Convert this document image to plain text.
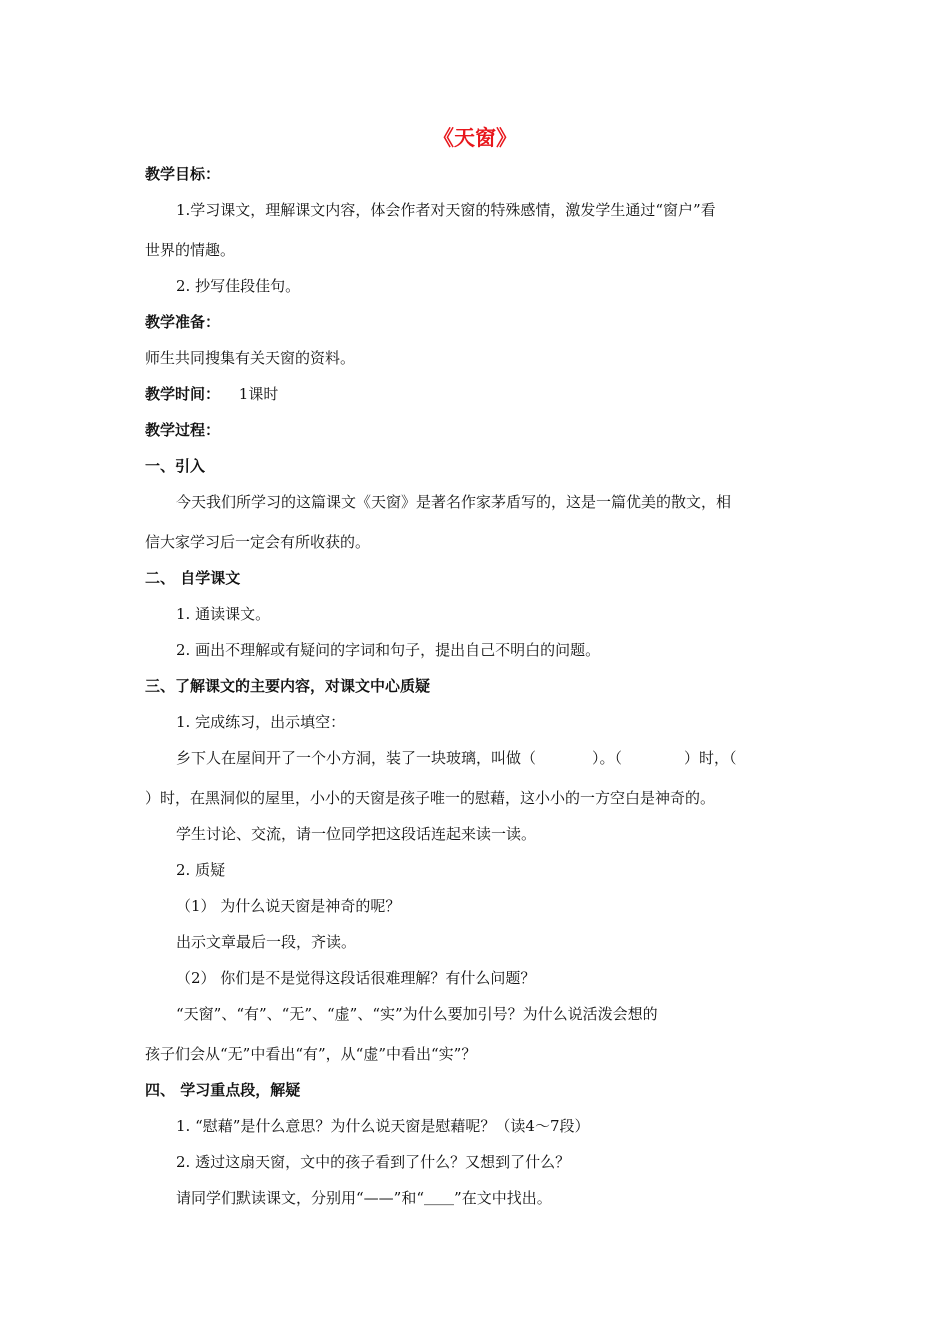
《天窗》
教学目标：
1.学习课文，理解课文内容，体会作者对天窗的特殊感情，激发学生通过“窗户”看
世界的情趣。
2. 抄写佳段佳句。
教学准备：
师生共同搜集有关天窗的资料。
教学时间： 1课时
教学过程：
一、引入
今天我们所学习的这篇课文《天窗》是著名作家茅盾写的，这是一篇优美的散文，相
信大家学习后一定会有所收获的。
二、 自学课文
1. 通读课文。
2. 画出不理解或有疑问的字词和句子，提出自己不明白的问题。
三、了解课文的主要内容，对课文中心质疑
1. 完成练习，出示填空：
乡下人在屋间开了一个小方洞，装了一块玻璃，叫做（	）。（	）时，（
）时，在黑洞似的屋里，小小的天窗是孩子唯一的慰藉，这小小的一方空白是神奇的。
学生讨论、交流，请一位同学把这段话连起来读一读。
2. 质疑
（1） 为什么说天窗是神奇的呢？
出示文章最后一段，齐读。
（2） 你们是不是觉得这段话很难理解？有什么问题？
“天窗”、“有”、“无”、“虚”、“实”为什么要加引号？为什么说活泼会想的
孩子们会从“无”中看出“有”，从“虚”中看出“实”？
四、 学习重点段，解疑
1. “慰藉”是什么意思？为什么说天窗是慰藉呢？（读4～7段）
2. 透过这扇天窗，文中的孩子看到了什么？又想到了什么？
请同学们默读课文，分别用“——”和“＿＿”在文中找出。
